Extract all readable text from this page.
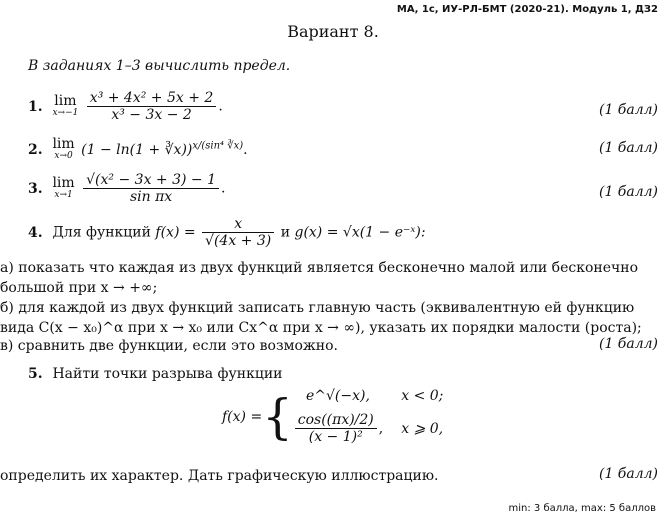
МА, 1с, ИУ-РЛ-БМТ (2020-21). Модуль 1, ДЗ2
Вариант 8.
В заданиях 1–3 вычислить предел.
1. lim
x→−1
$\frac{\text{x³ + 4x² + 5x + 2}}{\text{x³ − 3x − 2}}$ .	(1 балл)
2. lim
x→0 (1 − ln(1 + ∛x))$^{x/(sin^4 ∛x)}$.	(1 балл)
3. lim
x→1
$\frac{\text{√(x² − 3x + 3) − 1}}{\text{sin πx}}$ .	(1 балл)
4. Для функций $f(x) = \frac{x}{√(4x + 3)}$ и g(x) = √x(1 − e⁻ˣ):
а) показать что каждая из двух функций является бесконечно малой или бесконечно большой при x → +∞;
б) для каждой из двух функций записать главную часть (эквивалентную ей функцию вида C(x − x₀)^α при x → x₀ или Cx^α при x → ∞), указать их порядки малости (роста);
в) сравнить две функции, если это возможно.	(1 балл)
5. Найти точки разрыва функции
f(x) = { e^√(−x),	x < 0;
$\frac{\cos((\pi x)/2)}{\text{(x − 1)²}}$ , x ⩾ 0,
определить их характер. Дать графическую иллюстрацию.	(1 балл)
min: 3 балла, max: 5 баллов
